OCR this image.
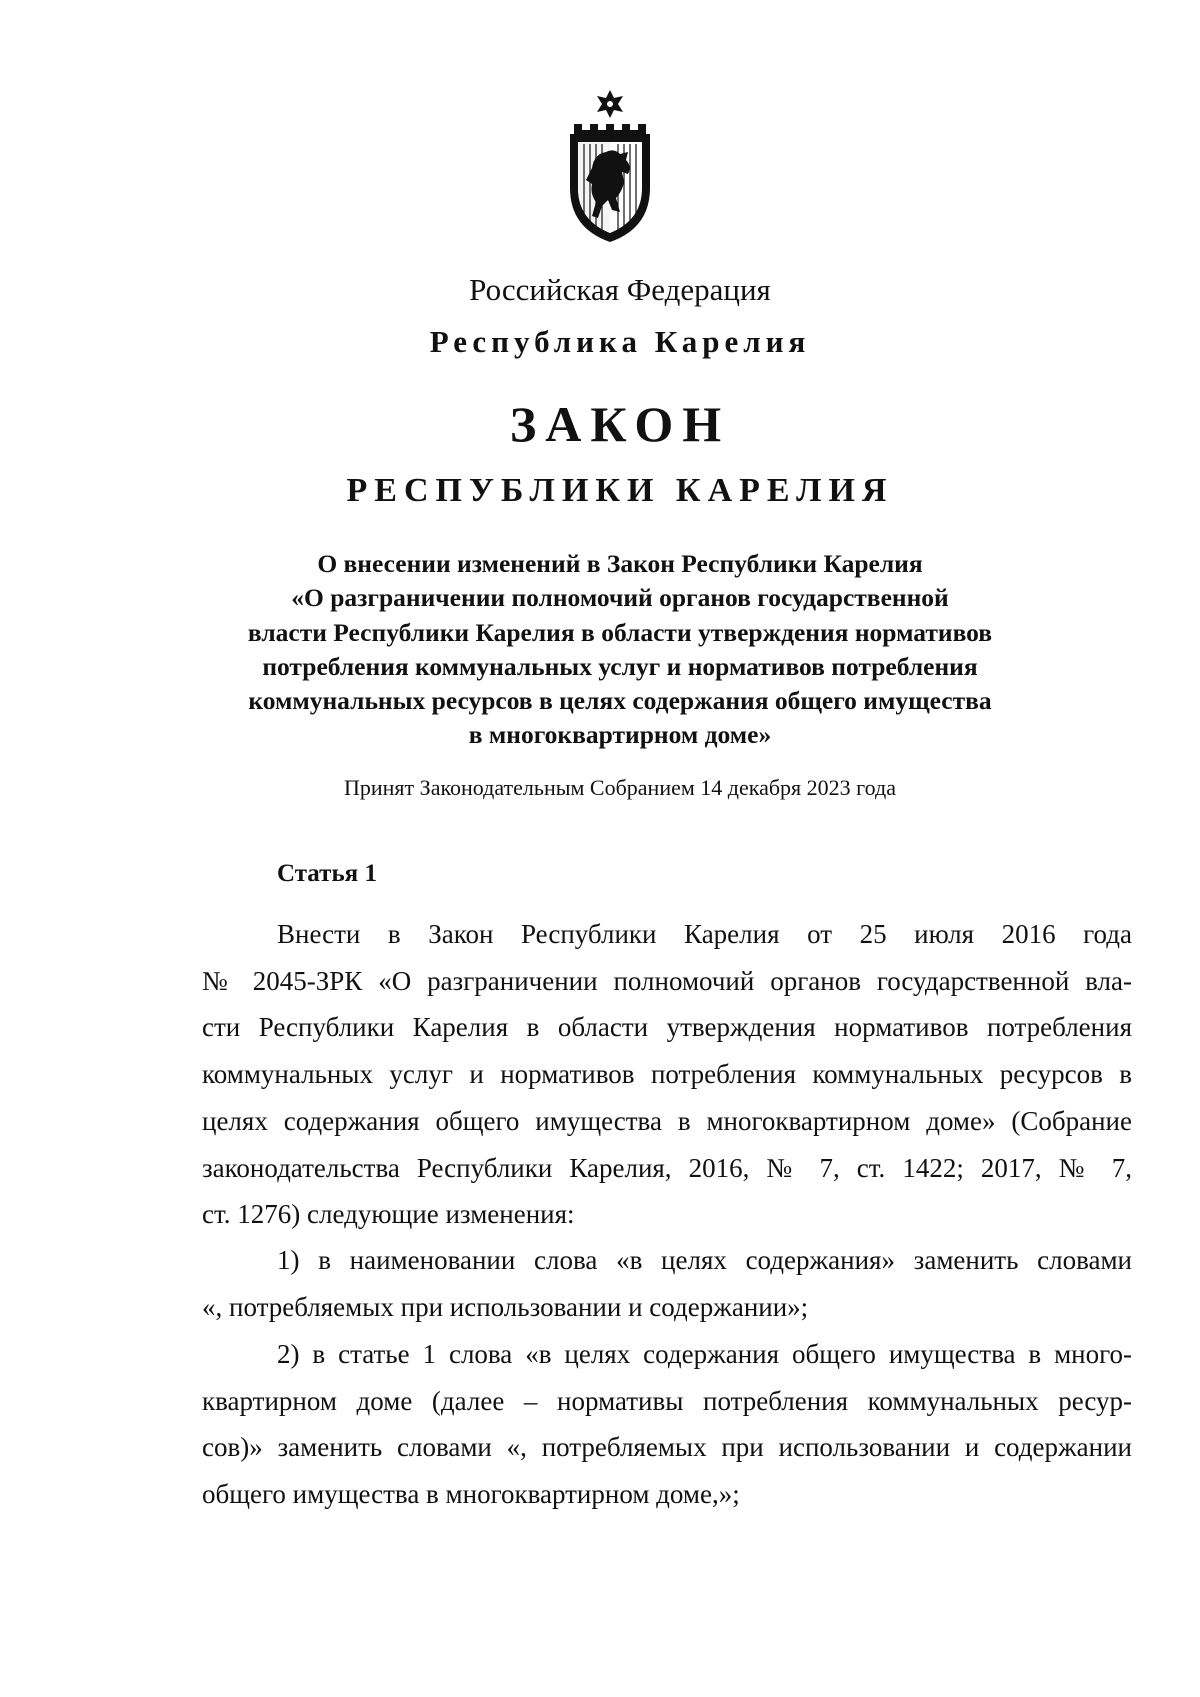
Российская Федерация
Республика Карелия
ЗАКОН
РЕСПУБЛИКИ КАРЕЛИЯ
О внесении изменений в Закон Республики Карелия
«О разграничении полномочий органов государственной
власти Республики Карелия в области утверждения нормативов
потребления коммунальных услуг и нормативов потребления
коммунальных ресурсов в целях содержания общего имущества
в многоквартирном доме»
Принят Законодательным Собранием 14 декабря 2023 года
Статья 1
Внести в Закон Республики Карелия от 25 июля 2016 года
№ 2045-ЗРК «О разграничении полномочий органов государственной вла-
сти Республики Карелия в области утверждения нормативов потребления
коммунальных услуг и нормативов потребления коммунальных ресурсов в
целях содержания общего имущества в многоквартирном доме» (Собрание
законодательства Республики Карелия, 2016, № 7, ст. 1422; 2017, № 7,
ст. 1276) следующие изменения:
1) в наименовании слова «в целях содержания» заменить словами
«, потребляемых при использовании и содержании»;
2) в статье 1 слова «в целях содержания общего имущества в много-
квартирном доме (далее – нормативы потребления коммунальных ресур-
сов)» заменить словами «, потребляемых при использовании и содержании
общего имущества в многоквартирном доме,»;
